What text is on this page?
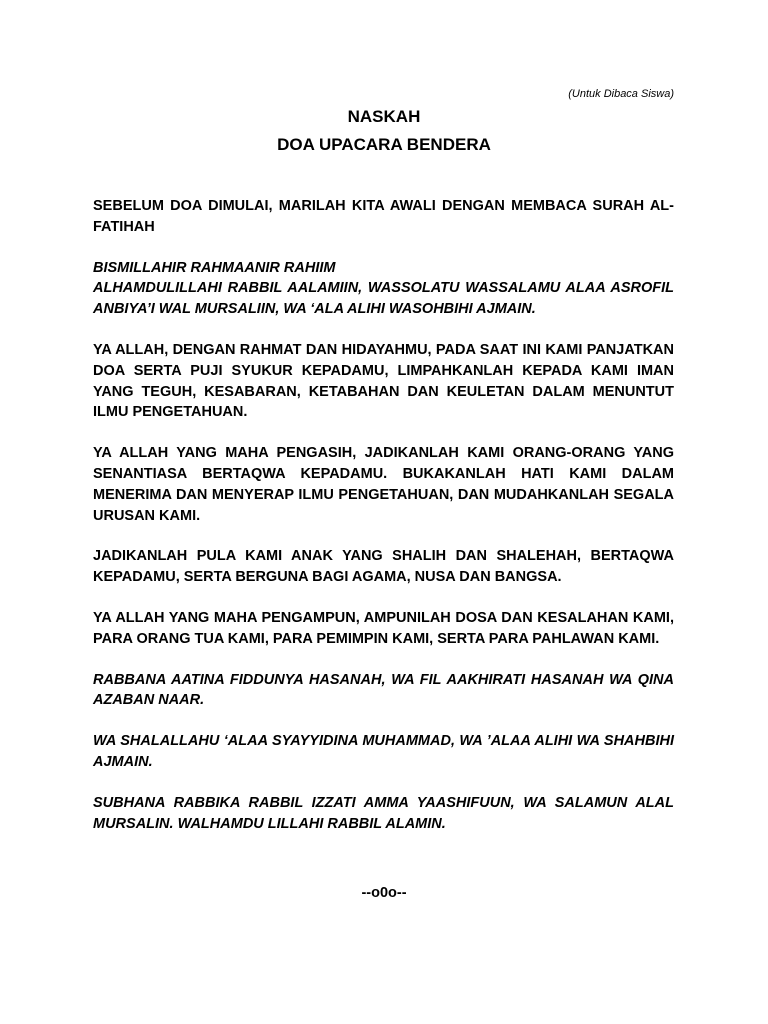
(Untuk Dibaca Siswa)
NASKAH
DOA UPACARA BENDERA

SEBELUM DOA DIMULAI, MARILAH KITA AWALI DENGAN MEMBACA SURAH AL-FATIHAH

BISMILLAHIR RAHMAANIR RAHIIM
ALHAMDULILLAHI RABBIL AALAMIIN, WASSOLATU WASSALAMU ALAA ASROFIL ANBIYA’I WAL MURSALIIN, WA ‘ALA ALIHI WASOHBIHI AJMAIN.

YA ALLAH, DENGAN RAHMAT DAN HIDAYAHMU, PADA SAAT INI KAMI PANJATKAN DOA SERTA PUJI SYUKUR KEPADAMU, LIMPAHKANLAH KEPADA KAMI IMAN YANG TEGUH, KESABARAN, KETABAHAN DAN KEULETAN DALAM MENUNTUT ILMU PENGETAHUAN.

YA ALLAH YANG MAHA PENGASIH, JADIKANLAH KAMI ORANG-ORANG YANG SENANTIASA BERTAQWA KEPADAMU. BUKAKANLAH HATI KAMI DALAM MENERIMA DAN MENYERAP ILMU PENGETAHUAN, DAN MUDAHKANLAH SEGALA URUSAN KAMI.

JADIKANLAH PULA KAMI ANAK YANG SHALIH DAN SHALEHAH, BERTAQWA KEPADAMU, SERTA BERGUNA BAGI AGAMA, NUSA DAN BANGSA.

YA ALLAH YANG MAHA PENGAMPUN, AMPUNILAH DOSA DAN KESALAHAN KAMI, PARA ORANG TUA KAMI, PARA PEMIMPIN KAMI, SERTA PARA PAHLAWAN KAMI.

RABBANA AATINA FIDDUNYA HASANAH, WA FIL AAKHIRATI HASANAH WA QINA AZABAN NAAR.

WA SHALALLAHU ‘ALAA SYAYYIDINA MUHAMMAD, WA ’ALAA ALIHI WA SHAHBIHI AJMAIN.

SUBHANA RABBIKA RABBIL IZZATI AMMA YAASHIFUUN, WA SALAMUN ALAL MURSALIN. WALHAMDU LILLAHI RABBIL ALAMIN.

--o0o--
